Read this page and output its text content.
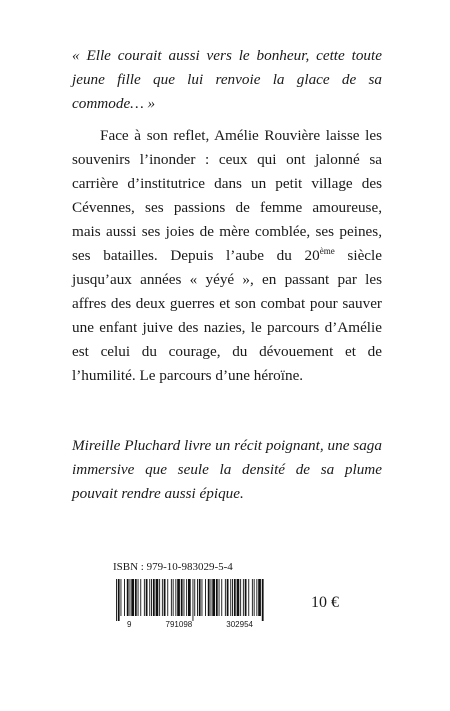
« Elle courait aussi vers le bonheur, cette toute jeune fille que lui renvoie la glace de sa commode… »
Face à son reflet, Amélie Rouvière laisse les souvenirs l’inonder : ceux qui ont jalonné sa carrière d’institutrice dans un petit village des Cévennes, ses passions de femme amoureuse, mais aussi ses joies de mère comblée, ses peines, ses batailles. Depuis l’aube du 20ème siècle jusqu’aux années « yéyé », en passant par les affres des deux guerres et son combat pour sauver une enfant juive des nazies, le parcours d’Amélie est celui du courage, du dévouement et de l’humilité. Le parcours d’une héroïne.
Mireille Pluchard livre un récit poignant, une saga immersive que seule la densité de sa plume pouvait rendre aussi épique.
ISBN : 979-10-983029-5-4
9	791098	302954
10 €
